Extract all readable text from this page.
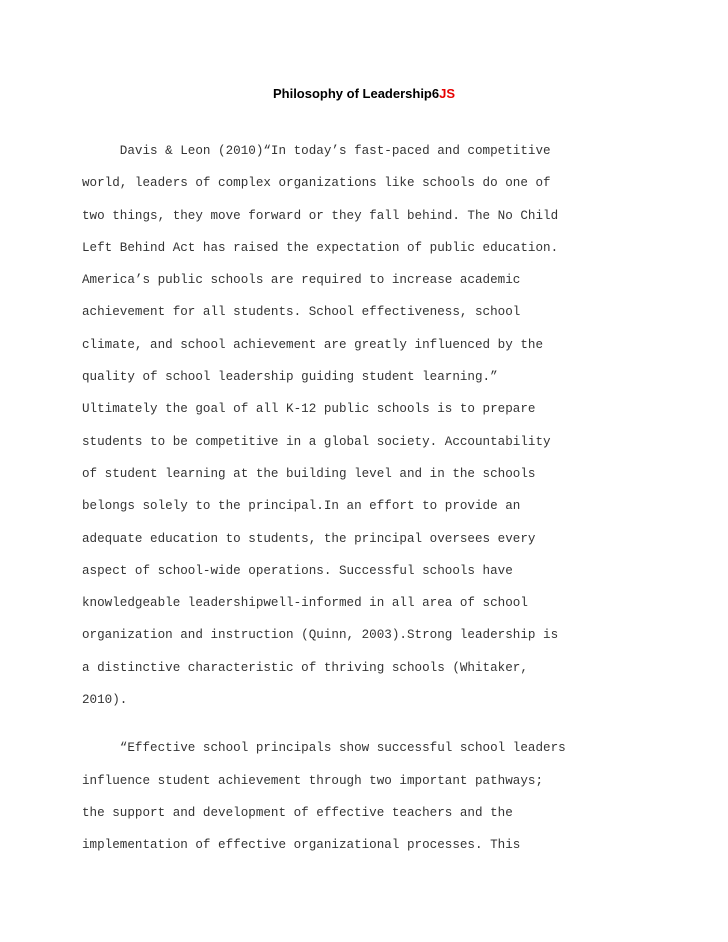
Philosophy of Leadership6JS
Davis & Leon (2010)“In today’s fast-paced and competitive
world, leaders of complex organizations like schools do one of
two things, they move forward or they fall behind. The No Child
Left Behind Act has raised the expectation of public education.
America’s public schools are required to increase academic
achievement for all students. School effectiveness, school
climate, and school achievement are greatly influenced by the
quality of school leadership guiding student learning.”
Ultimately the goal of all K-12 public schools is to prepare
students to be competitive in a global society. Accountability
of student learning at the building level and in the schools
belongs solely to the principal.In an effort to provide an
adequate education to students, the principal oversees every
aspect of school-wide operations. Successful schools have
knowledgeable leadershipwell-informed in all area of school
organization and instruction (Quinn, 2003).Strong leadership is
a distinctive characteristic of thriving schools (Whitaker,
2010).
“Effective school principals show successful school leaders
influence student achievement through two important pathways;
the support and development of effective teachers and the
implementation of effective organizational processes. This
